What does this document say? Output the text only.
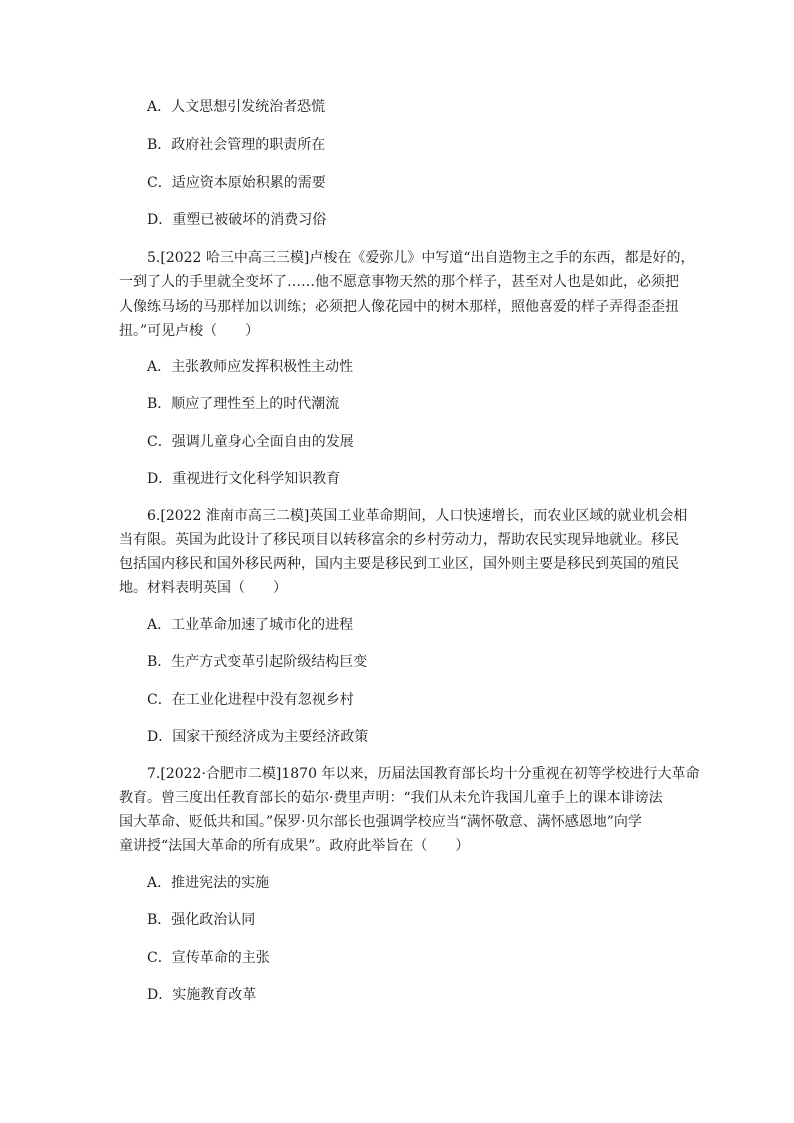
A．人文思想引发统治者恐慌
B．政府社会管理的职责所在
C．适应资本原始积累的需要
D．重塑已被破坏的消费习俗
5.[2022 哈三中高三三模]卢梭在《爱弥儿》中写道“出自造物主之手的东西，都是好的，
一到了人的手里就全变坏了……他不愿意事物天然的那个样子，甚至对人也是如此，必须把
人像练马场的马那样加以训练；必须把人像花园中的树木那样，照他喜爱的样子弄得歪歪扭
扭。”可见卢梭（　　）
A．主张教师应发挥积极性主动性
B．顺应了理性至上的时代潮流
C．强调儿童身心全面自由的发展
D．重视进行文化科学知识教育
6.[2022 淮南市高三二模]英国工业革命期间，人口快速增长，而农业区域的就业机会相
当有限。英国为此设计了移民项目以转移富余的乡村劳动力，帮助农民实现异地就业。移民
包括国内移民和国外移民两种，国内主要是移民到工业区，国外则主要是移民到英国的殖民
地。材料表明英国（　　）
A．工业革命加速了城市化的进程
B．生产方式变革引起阶级结构巨变
C．在工业化进程中没有忽视乡村
D．国家干预经济成为主要经济政策
7.[2022·合肥市二模]1870 年以来，历届法国教育部长均十分重视在初等学校进行大革命
教育。曾三度出任教育部长的茹尔·费里声明：“我们从未允许我国儿童手上的课本诽谤法
国大革命、贬低共和国。”保罗·贝尔部长也强调学校应当“满怀敬意、满怀感恩地”向学
童讲授“法国大革命的所有成果”。政府此举旨在（　　）
A．推进宪法的实施
B．强化政治认同
C．宣传革命的主张
D．实施教育改革
